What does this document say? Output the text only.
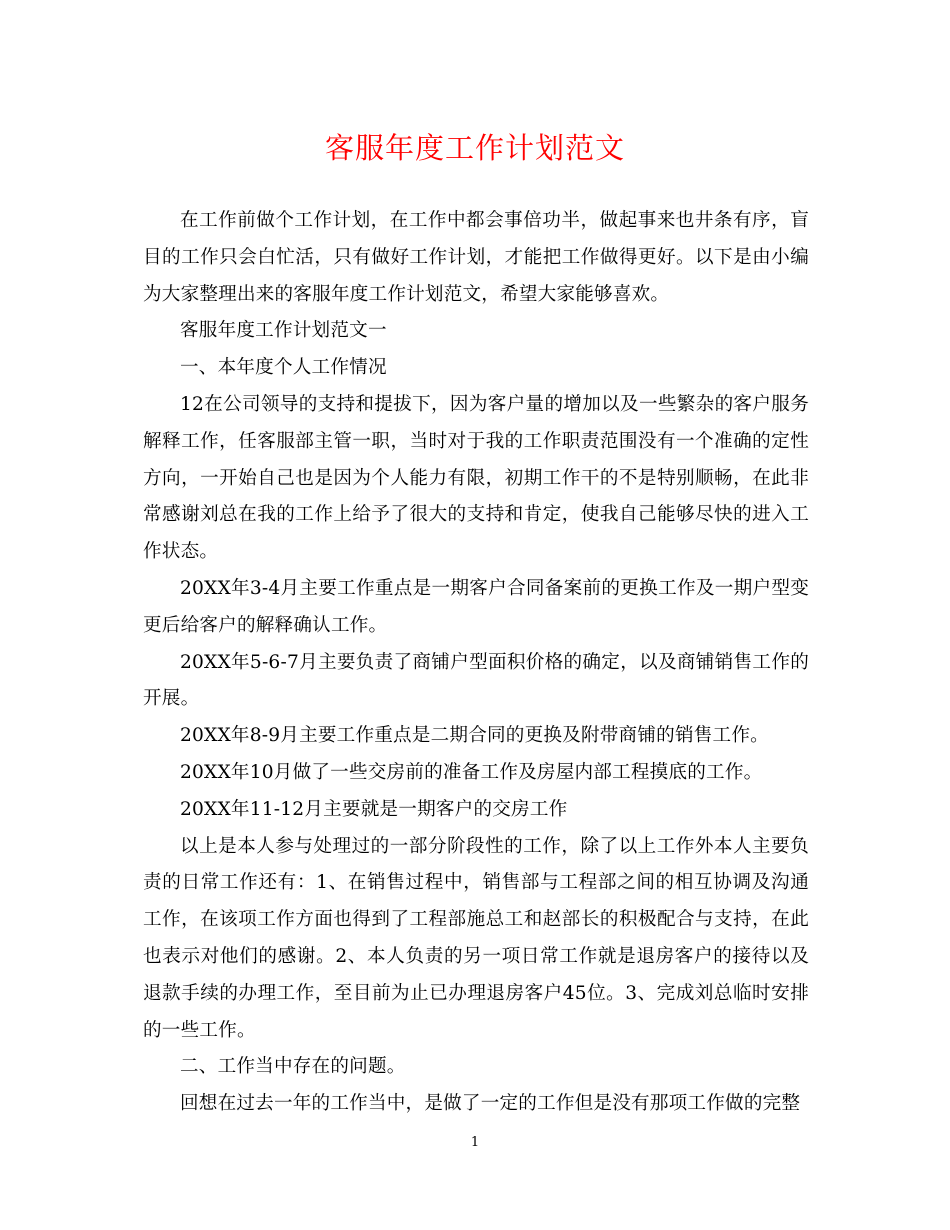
客服年度工作计划范文

在工作前做个工作计划，在工作中都会事倍功半，做起事来也井条有序，盲目的工作只会白忙活，只有做好工作计划，才能把工作做得更好。以下是由小编为大家整理出来的客服年度工作计划范文，希望大家能够喜欢。

客服年度工作计划范文一

一、本年度个人工作情况

12在公司领导的支持和提拔下，因为客户量的增加以及一些繁杂的客户服务解释工作，任客服部主管一职，当时对于我的工作职责范围没有一个准确的定性方向，一开始自己也是因为个人能力有限，初期工作干的不是特别顺畅，在此非常感谢刘总在我的工作上给予了很大的支持和肯定，使我自己能够尽快的进入工作状态。

20XX年3-4月主要工作重点是一期客户合同备案前的更换工作及一期户型变更后给客户的解释确认工作。

20XX年5-6-7月主要负责了商铺户型面积价格的确定，以及商铺销售工作的开展。

20XX年8-9月主要工作重点是二期合同的更换及附带商铺的销售工作。

20XX年10月做了一些交房前的准备工作及房屋内部工程摸底的工作。

20XX年11-12月主要就是一期客户的交房工作

以上是本人参与处理过的一部分阶段性的工作，除了以上工作外本人主要负责的日常工作还有：1、在销售过程中，销售部与工程部之间的相互协调及沟通工作，在该项工作方面也得到了工程部施总工和赵部长的积极配合与支持，在此也表示对他们的感谢。2、本人负责的另一项日常工作就是退房客户的接待以及退款手续的办理工作，至目前为止已办理退房客户45位。3、完成刘总临时安排的一些工作。

二、工作当中存在的问题。

回想在过去一年的工作当中，是做了一定的工作但是没有那项工作做的完整

1
